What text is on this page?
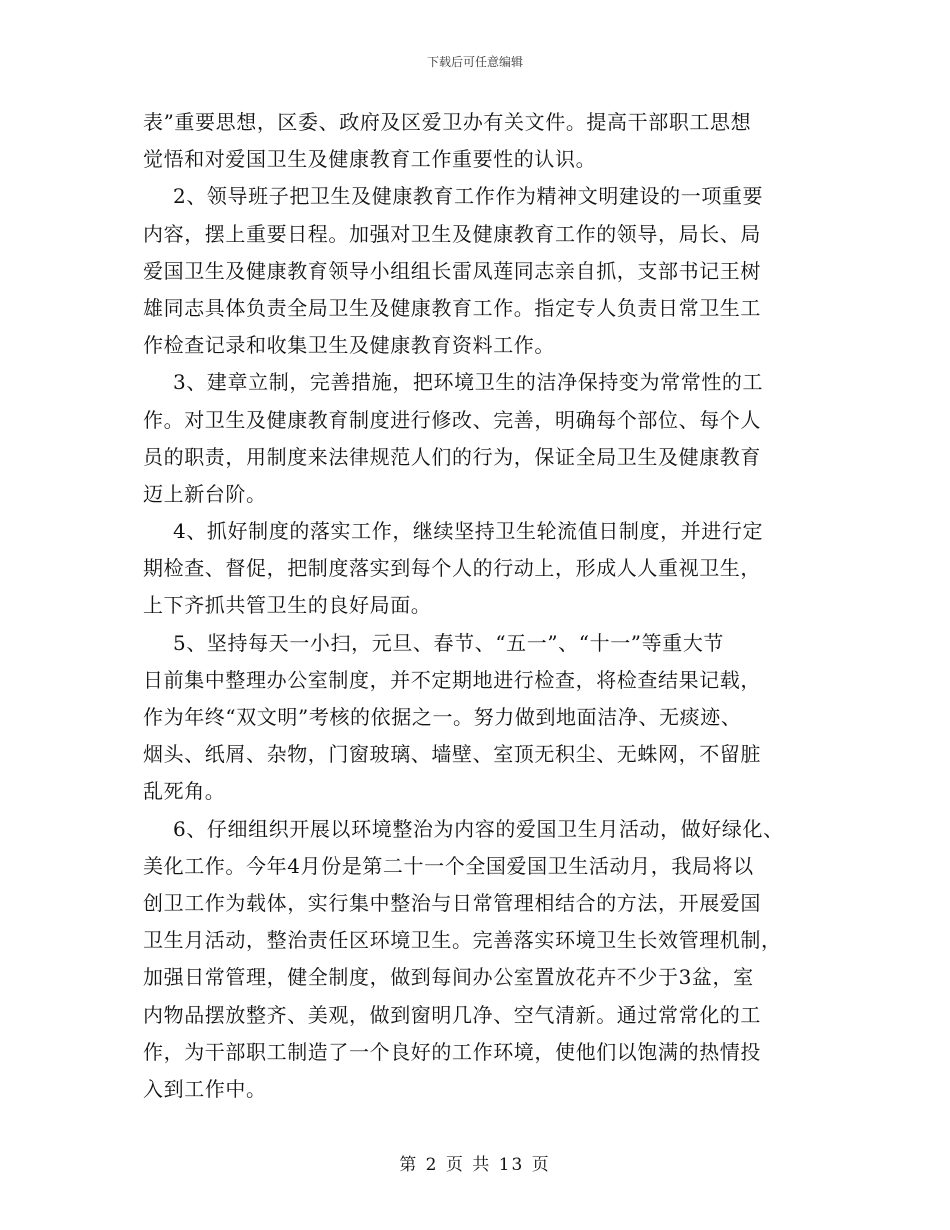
下载后可任意编辑
表”重要思想，区委、政府及区爱卫办有关文件。提高干部职工思想
觉悟和对爱国卫生及健康教育工作重要性的认识。
2、领导班子把卫生及健康教育工作作为精神文明建设的一项重要
内容，摆上重要日程。加强对卫生及健康教育工作的领导，局长、局
爱国卫生及健康教育领导小组组长雷凤莲同志亲自抓，支部书记王树
雄同志具体负责全局卫生及健康教育工作。指定专人负责日常卫生工
作检查记录和收集卫生及健康教育资料工作。
3、建章立制，完善措施，把环境卫生的洁净保持变为常常性的工
作。对卫生及健康教育制度进行修改、完善，明确每个部位、每个人
员的职责，用制度来法律规范人们的行为，保证全局卫生及健康教育
迈上新台阶。
4、抓好制度的落实工作，继续坚持卫生轮流值日制度，并进行定
期检查、督促，把制度落实到每个人的行动上，形成人人重视卫生，
上下齐抓共管卫生的良好局面。
5、坚持每天一小扫，元旦、春节、“五一”、“十一”等重大节
日前集中整理办公室制度，并不定期地进行检查，将检查结果记载，
作为年终“双文明”考核的依据之一。努力做到地面洁净、无痰迹、
烟头、纸屑、杂物，门窗玻璃、墙壁、室顶无积尘、无蛛网，不留脏
乱死角。
6、仔细组织开展以环境整治为内容的爱国卫生月活动，做好绿化、
美化工作。今年4月份是第二十一个全国爱国卫生活动月，我局将以
创卫工作为载体，实行集中整治与日常管理相结合的方法，开展爱国
卫生月活动，整治责任区环境卫生。完善落实环境卫生长效管理机制，
加强日常管理，健全制度，做到每间办公室置放花卉不少于3盆，室
内物品摆放整齐、美观，做到窗明几净、空气清新。通过常常化的工
作，为干部职工制造了一个良好的工作环境，使他们以饱满的热情投
入到工作中。
第 2 页 共 13 页
